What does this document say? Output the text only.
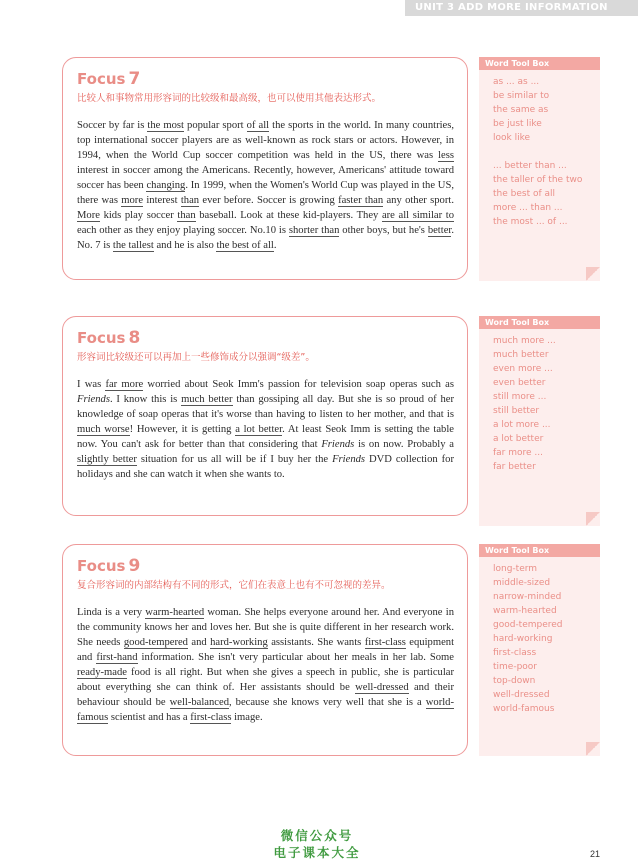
UNIT 3 ADD MORE INFORMATION
Focus 7
比较人和事物常用形容词的比较级和最高级，也可以使用其他表达形式。

Soccer by far is the most popular sport of all the sports in the world. In many countries, top international soccer players are as well-known as rock stars or actors. However, in 1994, when the World Cup soccer competition was held in the US, there was less interest in soccer among the Americans. Recently, however, Americans' attitude toward soccer has been changing. In 1999, when the Women's World Cup was played in the US, there was more interest than ever before. Soccer is growing faster than any other sport. More kids play soccer than baseball. Look at these kid-players. They are all similar to each other as they enjoy playing soccer. No.10 is shorter than other boys, but he's better. No. 7 is the tallest and he is also the best of all.

Word Tool Box
as ... as ...
be similar to
the same as
be just like
look like
... better than ...
the taller of the two
the best of all
more ... than ...
the most ... of ...
Focus 8
形容词比较级还可以再加上一些修饰成分以强调“级差”。

I was far more worried about Seok Imm's passion for television soap operas such as Friends. I know this is much better than gossiping all day. But she is so proud of her knowledge of soap operas that it's worse than having to listen to her mother, and that is much worse! However, it is getting a lot better. At least Seok Imm is setting the table now. You can't ask for better than that considering that Friends is on now. Probably a slightly better situation for us all will be if I buy her the Friends DVD collection for holidays and she can watch it when she wants to.

Word Tool Box
much more ...
much better
even more ...
even better
still more ...
still better
a lot more ...
a lot better
far more ...
far better
Focus 9
复合形容词的内部结构有不同的形式，它们在表意上也有不可忽视的差异。

Linda is a very warm-hearted woman. She helps everyone around her. And everyone in the community knows her and loves her. But she is quite different in her research work. She needs good-tempered and hard-working assistants. She wants first-class equipment and first-hand information. She isn't very particular about her meals in her lab. Some ready-made food is all right. But when she gives a speech in public, she is particular about everything she can think of. Her assistants should be well-dressed and their behaviour should be well-balanced, because she knows very well that she is a world-famous scientist and has a first-class image.

Word Tool Box
long-term
middle-sized
narrow-minded
warm-hearted
good-tempered
hard-working
first-class
time-poor
top-down
well-dressed
world-famous
微信公众号
电子课本大全	21
